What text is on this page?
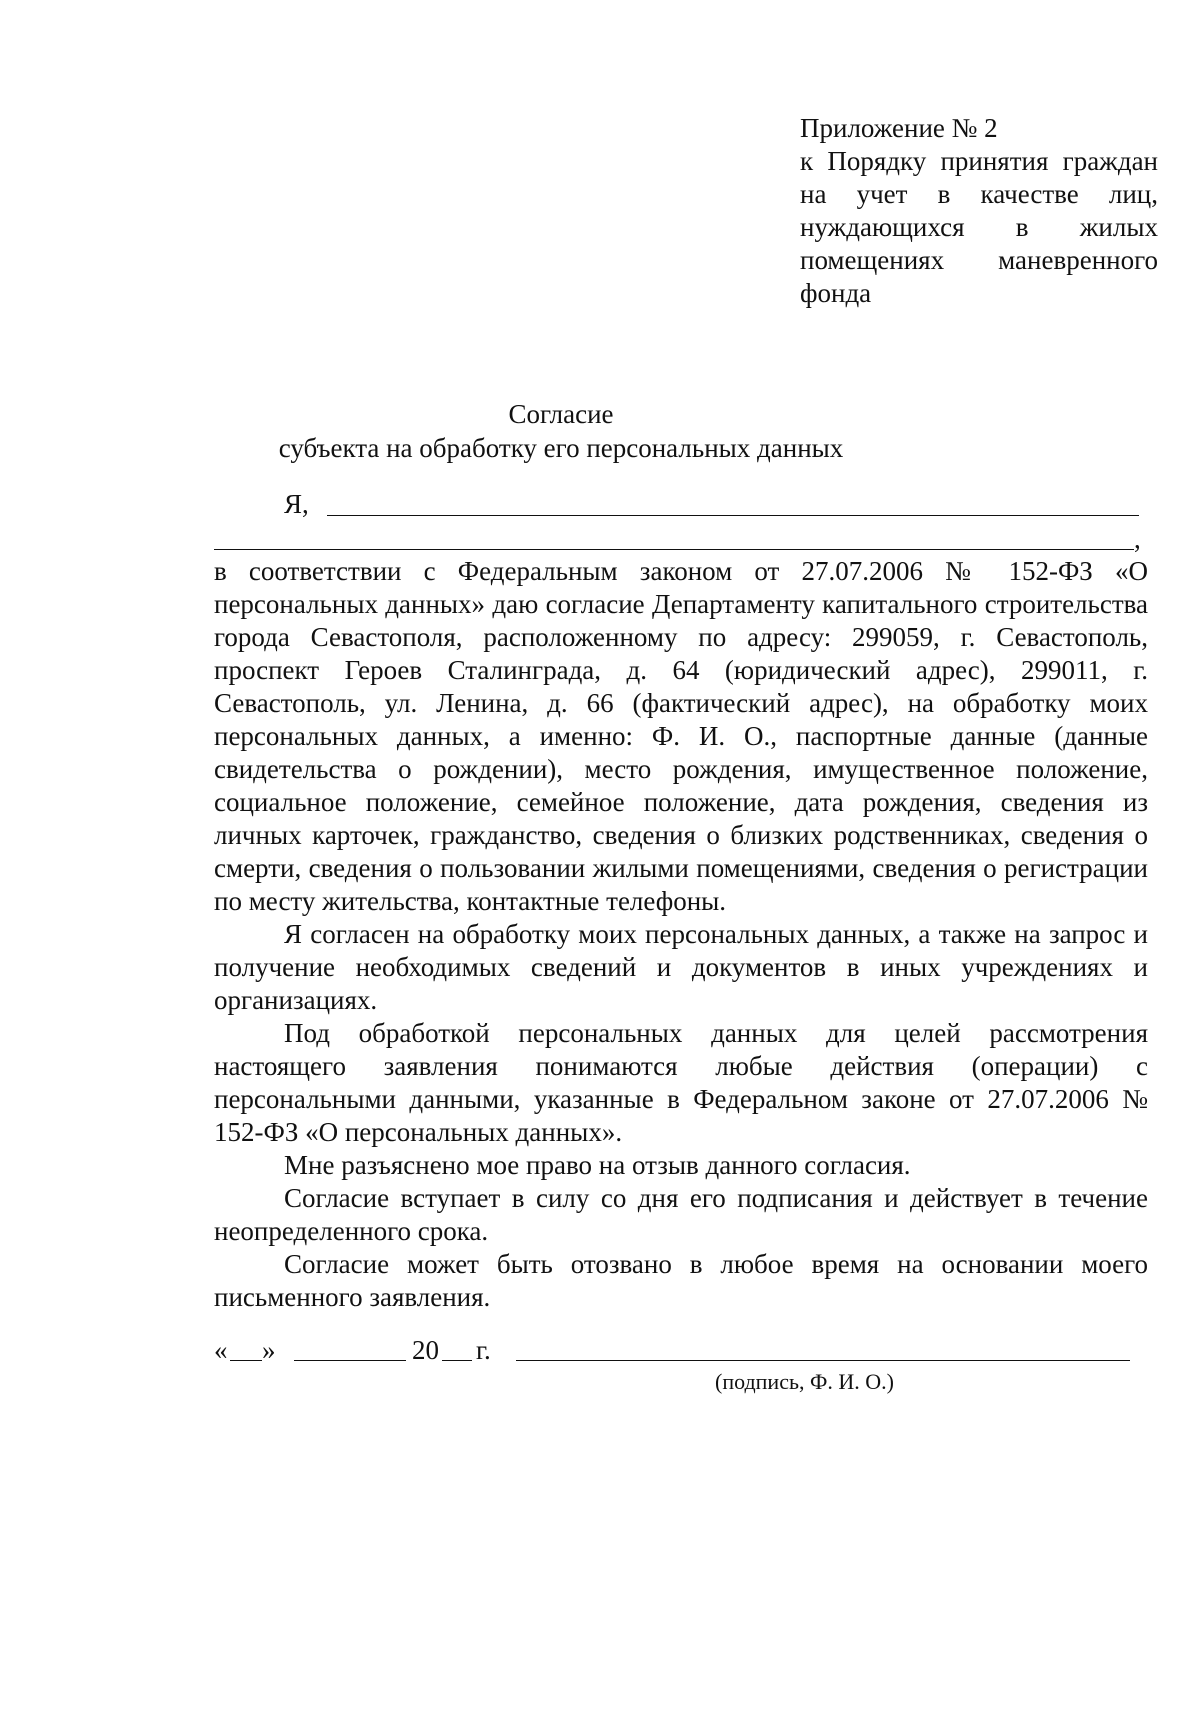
Приложение № 2
к Порядку принятия граждан
на учет в качестве лиц,
нуждающихся в жилых
помещениях маневренного
фонда
Согласие
субъекта на обработку его персональных данных
Я,
,

в соответствии с Федеральным законом от 27.07.2006 № 152-ФЗ «О персональных данных» даю согласие Департаменту капитального строительства города Севастополя, расположенному по адресу: 299059, г. Севастополь, проспект Героев Сталинграда, д. 64 (юридический адрес), 299011, г. Севастополь, ул. Ленина, д. 66 (фактический адрес), на обработку моих персональных данных, а именно: Ф. И. О., паспортные данные (данные свидетельства о рождении), место рождения, имущественное положение, социальное положение, семейное положение, дата рождения, сведения из личных карточек, гражданство, сведения о близких родственниках, сведения о смерти, сведения о пользовании жилыми помещениями, сведения о регистрации по месту жительства, контактные телефоны.

Я согласен на обработку моих персональных данных, а также на запрос и получение необходимых сведений и документов в иных учреждениях и организациях.

Под обработкой персональных данных для целей рассмотрения настоящего заявления понимаются любые действия (операции) с персональными данными, указанные в Федеральном законе от 27.07.2006 № 152-ФЗ «О персональных данных».

Мне разъяснено мое право на отзыв данного согласия.

Согласие вступает в силу со дня его подписания и действует в течение неопределенного срока.

Согласие может быть отозвано в любое время на основании моего письменного заявления.

« »	20 г.
(подпись, Ф. И. О.)
